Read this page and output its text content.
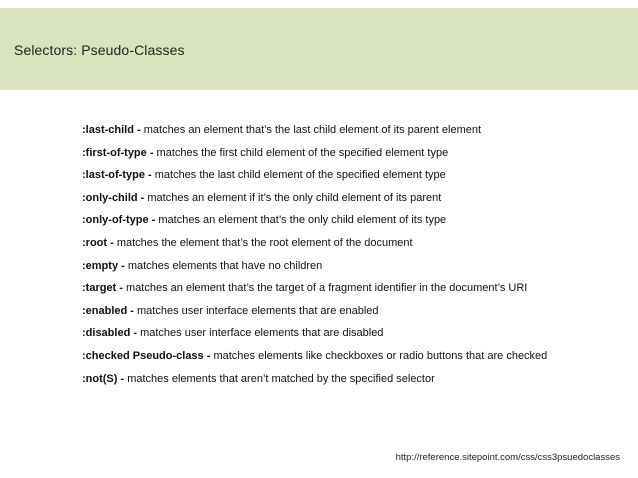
Selectors: Pseudo-Classes
:last-child - matches an element that’s the last child element of its parent element
:first-of-type - matches the first child element of the specified element type
:last-of-type - matches the last child element of the specified element type
:only-child - matches an element if it’s the only child element of its parent
:only-of-type - matches an element that’s the only child element of its type
:root - matches the element that’s the root element of the document
:empty - matches elements that have no children
:target - matches an element that’s the target of a fragment identifier in the document’s URI
:enabled - matches user interface elements that are enabled
:disabled - matches user interface elements that are disabled
:checked Pseudo-class - matches elements like checkboxes or radio buttons that are checked
:not(S) - matches elements that aren’t matched by the specified selector
http://reference.sitepoint.com/css/css3psuedoclasses
